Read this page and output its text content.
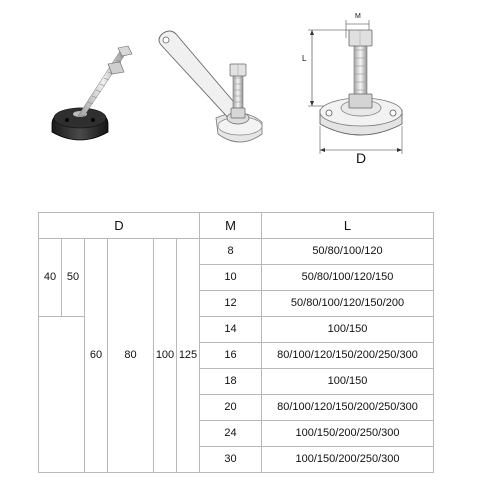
M
L
D
D						M	L
40	50	60	80	100	125	8	50/80/100/120
						10	50/80/100/120/150
						12	50/80/100/120/150/200
						14	100/150
						16	80/100/120/150/200/250/300
						18	100/150
						20	80/100/120/150/200/250/300
						24	100/150/200/250/300
						30	100/150/200/250/300
